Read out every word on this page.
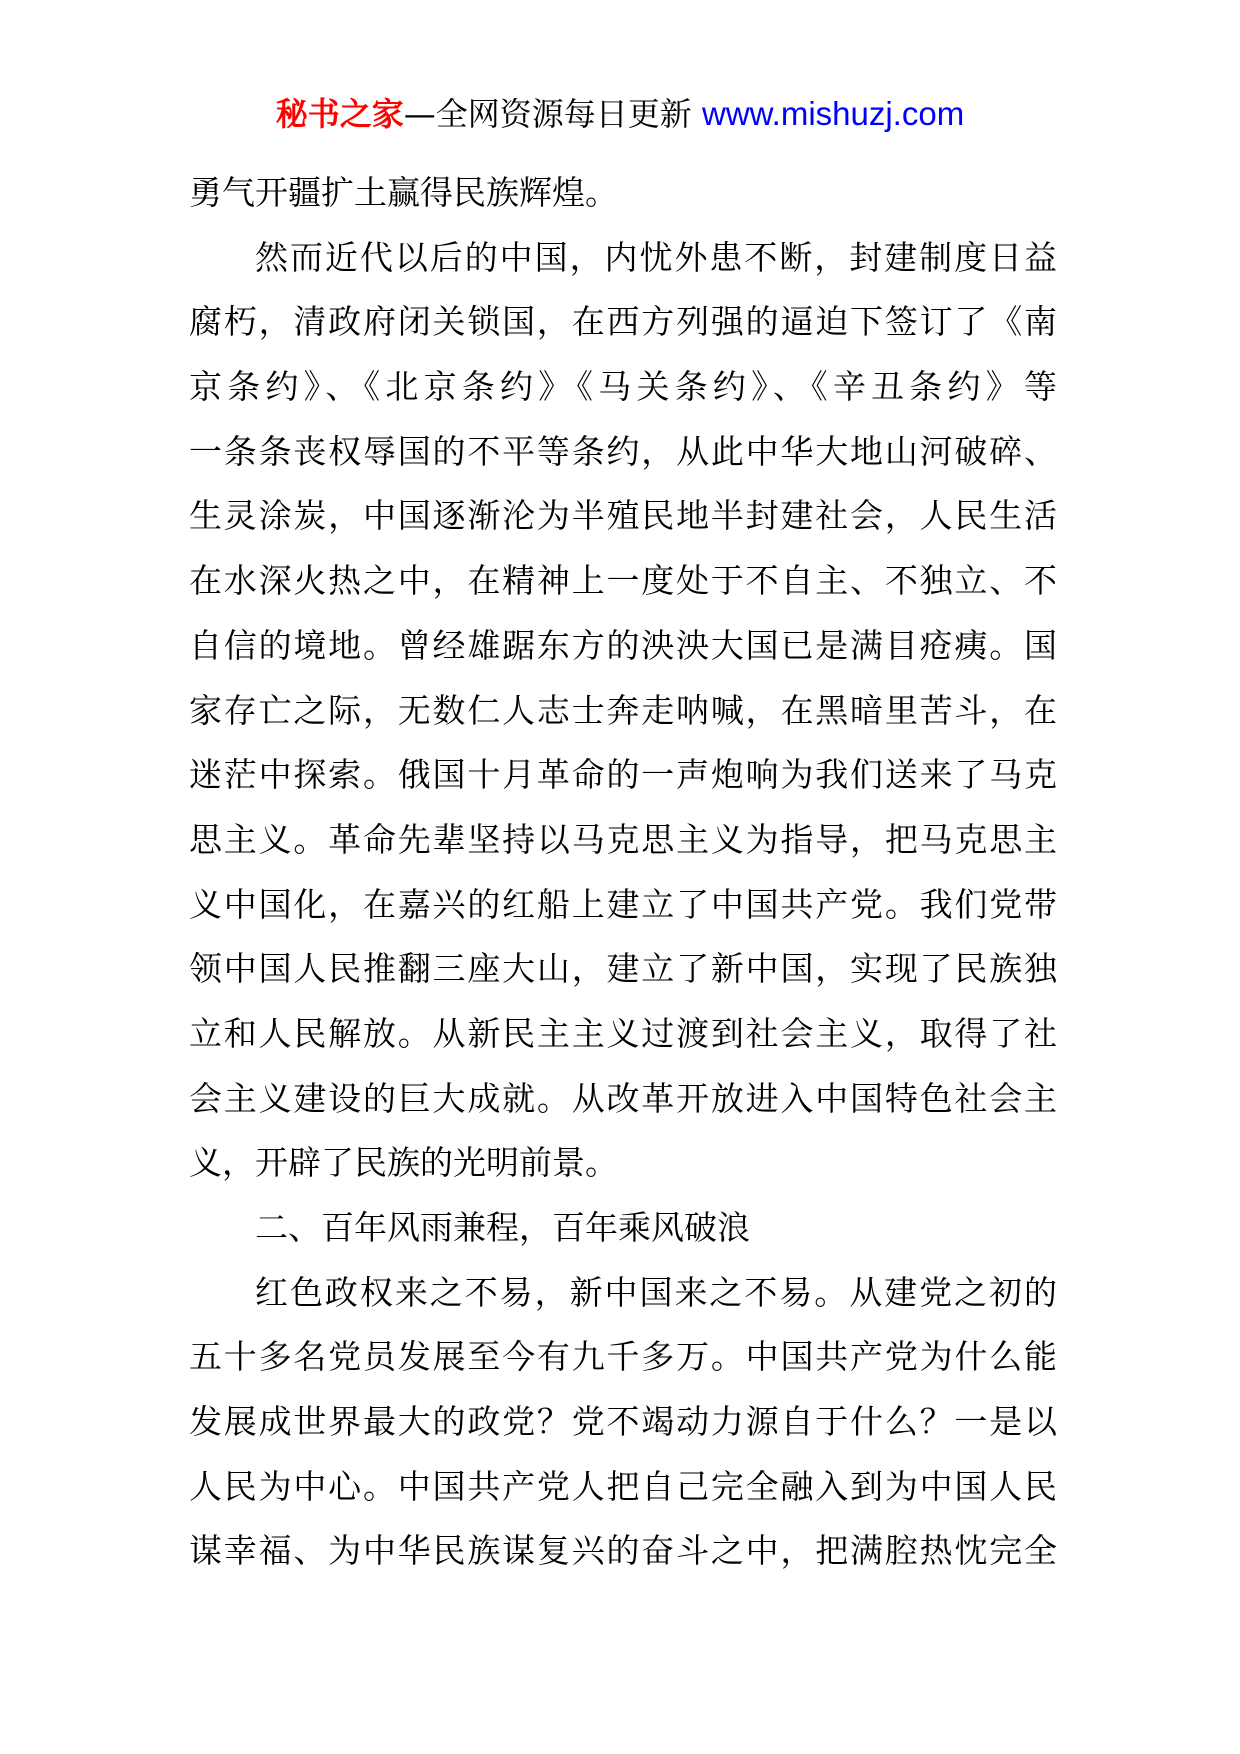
秘书之家—全网资源每日更新 www.mishuzj.com
勇气开疆扩土赢得民族辉煌。
然而近代以后的中国，内忧外患不断，封建制度日益
腐朽，清政府闭关锁国，在西方列强的逼迫下签订了《南
京条约》、《北京条约》《马关条约》、《辛丑条约》等
一条条丧权辱国的不平等条约，从此中华大地山河破碎、
生灵涂炭，中国逐渐沦为半殖民地半封建社会，人民生活
在水深火热之中，在精神上一度处于不自主、不独立、不
自信的境地。曾经雄踞东方的泱泱大国已是满目疮痍。国
家存亡之际，无数仁人志士奔走呐喊，在黑暗里苦斗，在
迷茫中探索。俄国十月革命的一声炮响为我们送来了马克
思主义。革命先辈坚持以马克思主义为指导，把马克思主
义中国化，在嘉兴的红船上建立了中国共产党。我们党带
领中国人民推翻三座大山，建立了新中国，实现了民族独
立和人民解放。从新民主主义过渡到社会主义，取得了社
会主义建设的巨大成就。从改革开放进入中国特色社会主
义，开辟了民族的光明前景。
二、百年风雨兼程，百年乘风破浪
红色政权来之不易，新中国来之不易。从建党之初的
五十多名党员发展至今有九千多万。中国共产党为什么能
发展成世界最大的政党？党不竭动力源自于什么？一是以
人民为中心。中国共产党人把自己完全融入到为中国人民
谋幸福、为中华民族谋复兴的奋斗之中，把满腔热忱完全
